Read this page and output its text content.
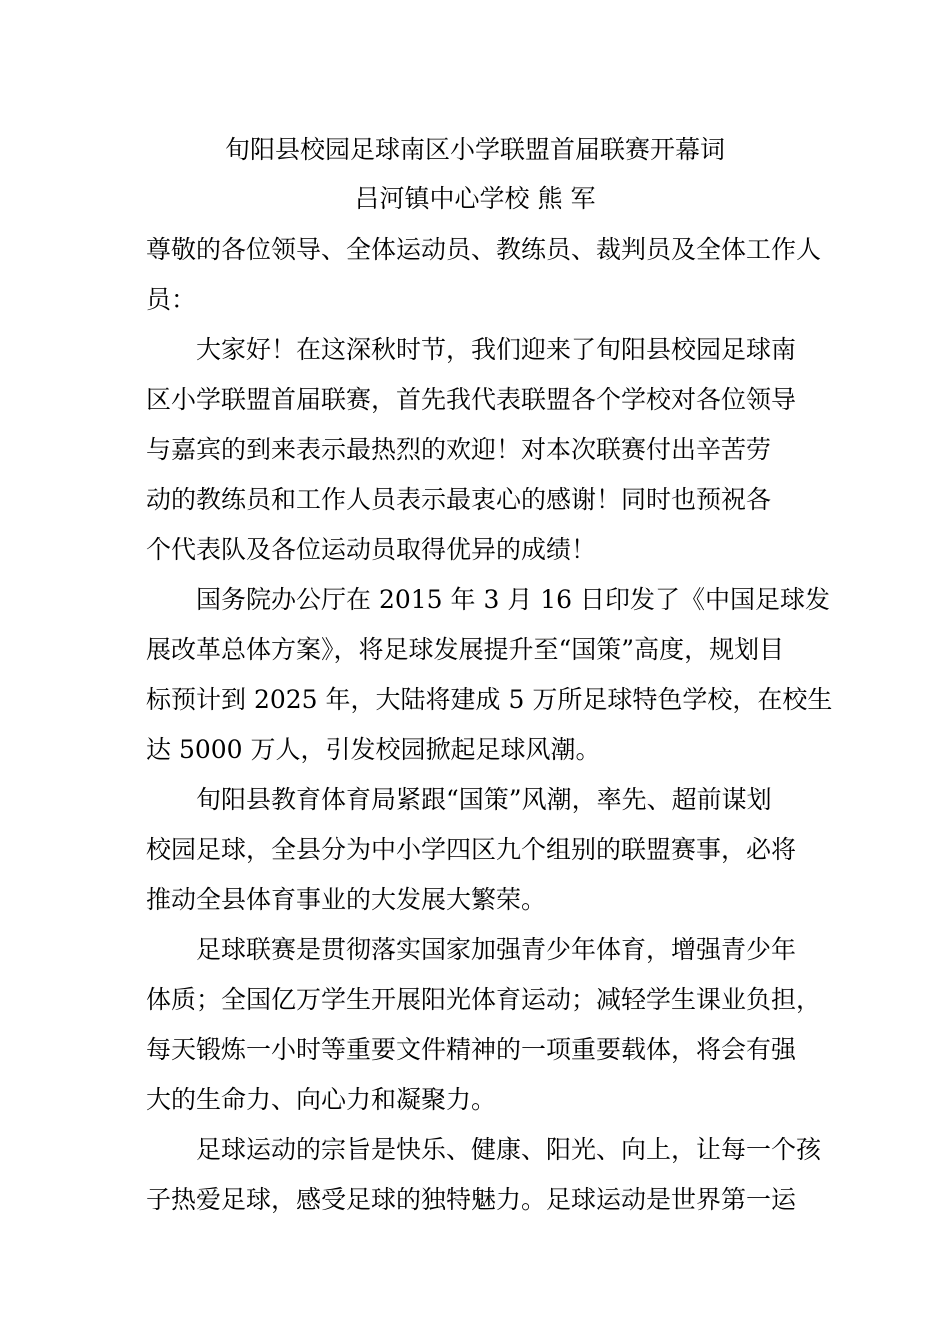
旬阳县校园足球南区小学联盟首届联赛开幕词
吕河镇中心学校 熊 军
尊敬的各位领导、全体运动员、教练员、裁判员及全体工作人
员：
大家好！在这深秋时节，我们迎来了旬阳县校园足球南
区小学联盟首届联赛，首先我代表联盟各个学校对各位领导
与嘉宾的到来表示最热烈的欢迎！对本次联赛付出辛苦劳
动的教练员和工作人员表示最衷心的感谢！同时也预祝各
个代表队及各位运动员取得优异的成绩！
国务院办公厅在 2015 年 3 月 16 日印发了《中国足球发
展改革总体方案》，将足球发展提升至“国策”高度，规划目
标预计到 2025 年，大陆将建成 5 万所足球特色学校，在校生
达 5000 万人，引发校园掀起足球风潮。
旬阳县教育体育局紧跟“国策”风潮，率先、超前谋划
校园足球，全县分为中小学四区九个组别的联盟赛事，必将
推动全县体育事业的大发展大繁荣。
足球联赛是贯彻落实国家加强青少年体育，增强青少年
体质；全国亿万学生开展阳光体育运动；减轻学生课业负担，
每天锻炼一小时等重要文件精神的一项重要载体，将会有强
大的生命力、向心力和凝聚力。
足球运动的宗旨是快乐、健康、阳光、向上，让每一个孩
子热爱足球，感受足球的独特魅力。足球运动是世界第一运
